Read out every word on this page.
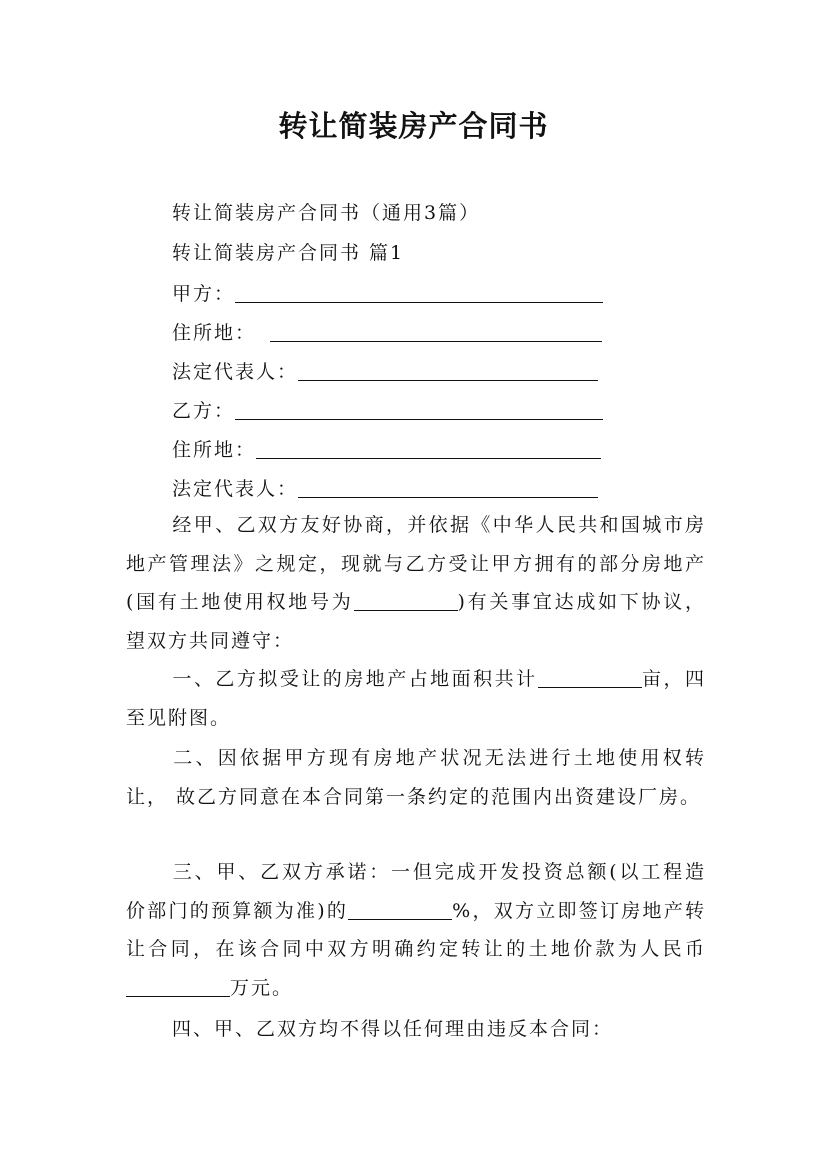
转让简装房产合同书
转让简装房产合同书（通用3篇）
转让简装房产合同书 篇1
甲方：
住所地：
法定代表人：
乙方：
住所地：
法定代表人：
经甲、乙双方友好协商，并依据《中华人民共和国城市房地产管理法》之规定，现就与乙方受让甲方拥有的部分房地产(国有土地使用权地号为	)有关事宜达成如下协议，望双方共同遵守：
一、乙方拟受让的房地产占地面积共计	亩，四至见附图。
二、因依据甲方现有房地产状况无法进行土地使用权转让， 故乙方同意在本合同第一条约定的范围内出资建设厂房。
三、甲、乙双方承诺：一但完成开发投资总额(以工程造价部门的预算额为准)的	%，双方立即签订房地产转让合同，在该合同中双方明确约定转让的土地价款为人民币万元。
四、甲、乙双方均不得以任何理由违反本合同：
